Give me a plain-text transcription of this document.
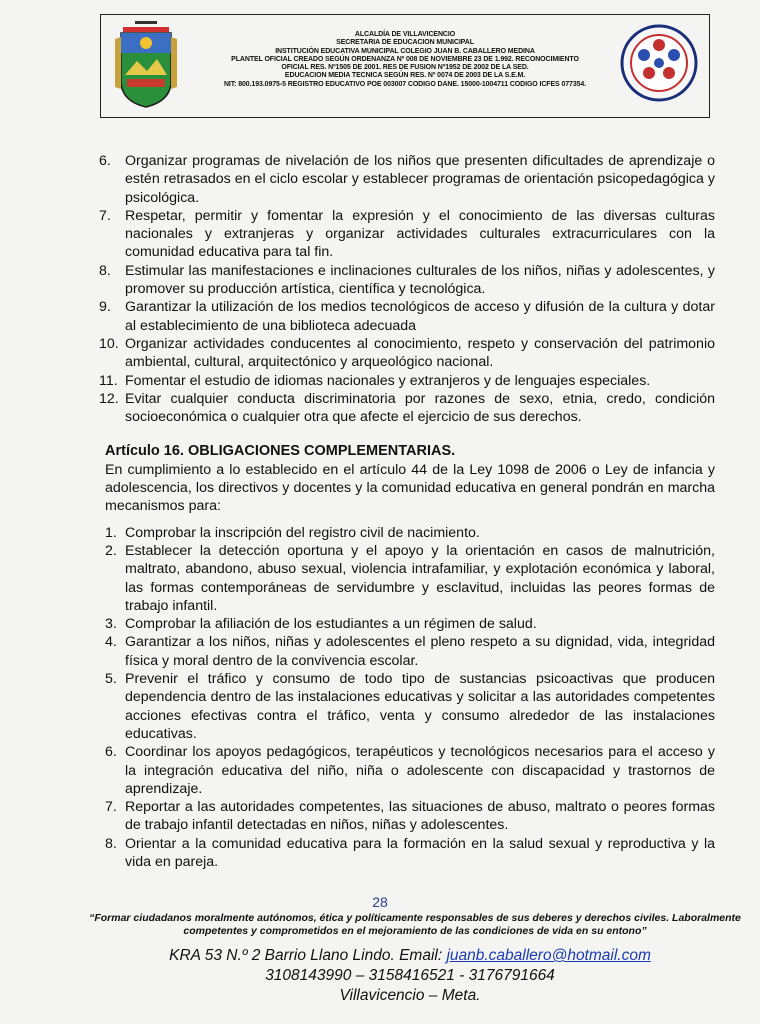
ALCALDÍA DE VILLAVICENCIO
SECRETARIA DE EDUCACION MUNICIPAL
INSTITUCIÓN EDUCATIVA MUNICIPAL COLEGIO JUAN B. CABALLERO MEDINA
PLANTEL OFICIAL CREADO SEGÚN ORDENANZA Nº 008 DE NOVIEMBRE 23 DE 1.992. RECONOCIMIENTO
OFICIAL RES. Nº1505 DE 2001. RES DE FUSION Nº1952 DE 2002 DE LA SED.
EDUCACION MEDIA TECNICA SEGÚN RES. Nº 0074 DE 2003 DE LA S.E.M.
NIT: 800.193.0975-5 REGISTRO EDUCATIVO POE 003007 CODIGO DANE. 15000-1004711 CODIGO ICFES 077354.
6. Organizar programas de nivelación de los niños que presenten dificultades de aprendizaje o estén retrasados en el ciclo escolar y establecer programas de orientación psicopedagógica y psicológica.
7. Respetar, permitir y fomentar la expresión y el conocimiento de las diversas culturas nacionales y extranjeras y organizar actividades culturales extracurriculares con la comunidad educativa para tal fin.
8. Estimular las manifestaciones e inclinaciones culturales de los niños, niñas y adolescentes, y promover su producción artística, científica y tecnológica.
9. Garantizar la utilización de los medios tecnológicos de acceso y difusión de la cultura y dotar al establecimiento de una biblioteca adecuada
10. Organizar actividades conducentes al conocimiento, respeto y conservación del patrimonio ambiental, cultural, arquitectónico y arqueológico nacional.
11. Fomentar el estudio de idiomas nacionales y extranjeros y de lenguajes especiales.
12. Evitar cualquier conducta discriminatoria por razones de sexo, etnia, credo, condición socioeconómica o cualquier otra que afecte el ejercicio de sus derechos.
Artículo 16. OBLIGACIONES COMPLEMENTARIAS.

En cumplimiento a lo establecido en el artículo 44 de la Ley 1098 de 2006 o Ley de infancia y adolescencia, los directivos y docentes y la comunidad educativa en general pondrán en marcha mecanismos para:

1. Comprobar la inscripción del registro civil de nacimiento.
2. Establecer la detección oportuna y el apoyo y la orientación en casos de malnutrición, maltrato, abandono, abuso sexual, violencia intrafamiliar, y explotación económica y laboral, las formas contemporáneas de servidumbre y esclavitud, incluidas las peores formas de trabajo infantil.
3. Comprobar la afiliación de los estudiantes a un régimen de salud.
4. Garantizar a los niños, niñas y adolescentes el pleno respeto a su dignidad, vida, integridad física y moral dentro de la convivencia escolar.
5. Prevenir el tráfico y consumo de todo tipo de sustancias psicoactivas que producen dependencia dentro de las instalaciones educativas y solicitar a las autoridades competentes acciones efectivas contra el tráfico, venta y consumo alrededor de las instalaciones educativas.
6. Coordinar los apoyos pedagógicos, terapéuticos y tecnológicos necesarios para el acceso y la integración educativa del niño, niña o adolescente con discapacidad y trastornos de aprendizaje.
7. Reportar a las autoridades competentes, las situaciones de abuso, maltrato o peores formas de trabajo infantil detectadas en niños, niñas y adolescentes.
8. Orientar a la comunidad educativa para la formación en la salud sexual y reproductiva y la vida en pareja.
28
“Formar ciudadanos moralmente autónomos, ética y políticamente responsables de sus deberes y derechos civiles. Laboralmente
competentes y comprometidos en el mejoramiento de las condiciones de vida en su entono”
KRA 53 N.º 2 Barrio Llano Lindo. Email: juanb.caballero@hotmail.com
3108143990 – 3158416521 - 3176791664
Villavicencio – Meta.
